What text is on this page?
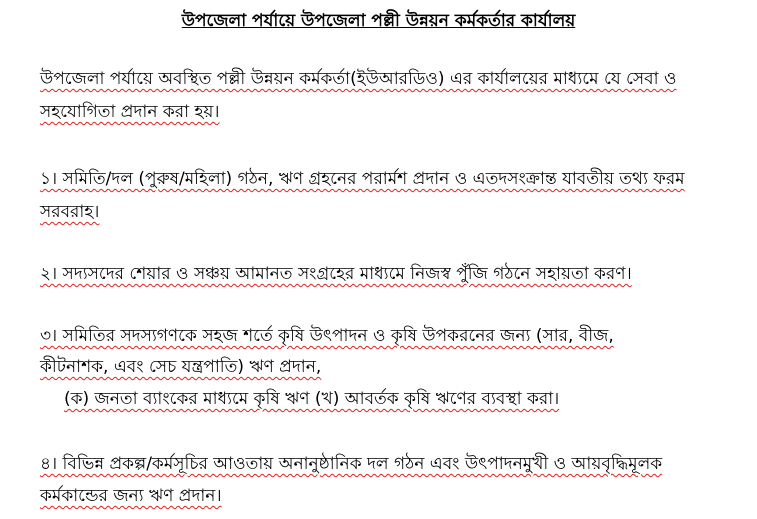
উপজেলা পর্যায়ে উপজেলা পল্লী উন্নয়ন কর্মকর্তার কার্যালয়
উপজেলা পর্যায়ে অবস্থিত পল্লী উন্নয়ন কর্মকর্তা(ইউআরডিও) এর কার্যালয়ের মাধ্যমে যে সেবা ও
সহযোগিতা প্রদান করা হয়।
১। সমিতি/দল (পুরুষ/মহিলা) গঠন, ঋণ গ্রহনের পরার্মশ প্রদান ও এতদসংক্রান্ত যাবতীয় তথ্য ফরম
সরবরাহ।
২। সদ্যসদের শেয়ার ও সঞ্চয় আমানত সংগ্রহের মাধ্যমে নিজস্ব পুঁজি গঠনে সহায়তা করণ।
৩। সমিতির সদস্যগণকে সহজ শর্তে কৃষি উৎপাদন ও কৃষি উপকরনের জন্য (সার, বীজ,
কীটনাশক, এবং সেচ যন্ত্রপাতি) ঋণ প্রদান,
(ক) জনতা ব্যাংকের মাধ্যমে কৃষি ঋণ (খ) আবর্তক কৃষি ঋণের ব্যবস্থা করা।
৪। বিভিন্ন প্রকল্প/কর্মসূচির আওতায় অনানুষ্ঠানিক দল গঠন এবং উৎপাদনমুখী ও আয়বৃদ্ধিমূলক
কর্মকান্ডের জন্য ঋণ প্রদান।
